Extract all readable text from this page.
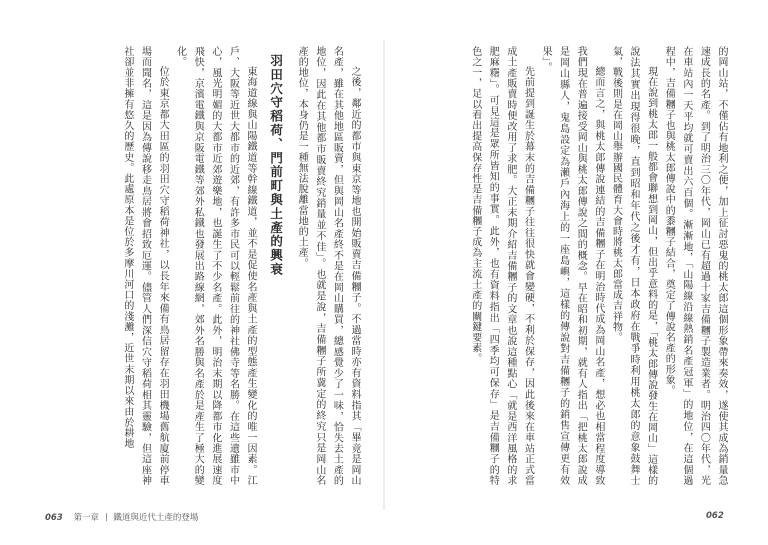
的岡山站，不僅佔有地利之便，加上征討惡鬼的桃太郎這個形象帶來奏效，遂使其成為銷量急速成長的名產。到了明治三〇年代，岡山已有超過十家吉備糰子製造業者。明治四〇年代，光在車站內一天平均就可賣出六百個。漸漸地，「山陽線沿線熱銷名產冠軍」的地位，在這個過程中，吉備糰子也與桃太郎傳說中的黍糰子結合，奠定了傳說名產的形象。

現在說到桃太郎一般都會聯想到岡山，但出乎意料的是，「桃太郎傳說發生在岡山」這樣的說法其實出現得很晚，直到昭和年代之後才有，日本政府在戰爭時利用桃太郎的意象鼓舞士氣，戰後則是在岡山舉辦國民體育大會時將桃太郎當成吉祥物。

總而言之，與桃太郎傳說連結的吉備糰子在明治時代成為岡山名產，想必也相當程度導致我們現在普遍接受岡山與桃太郎傳說之間的概念。早在昭和初期，就有人指出「把桃太郎說成是岡山縣人，鬼島設定為瀨戶內海上的一座島嶼，這樣的傳說對吉備糰子的銷售宣傳更有效果」。

先前提到誕生於幕末的吉備糰子往往很快就會變硬，不利於保存，因此後來在車站正式當成土產販賣時便改用了求肥。大正末期介紹吉備糰子的文章也說這種點心「就是西洋風格的求肥麻糬」。可見這是眾所皆知的事實。此外，也有資料指出「四季均可保存」是吉備糰子的特色之一，足以看出提高保存性是吉備糰子成為主流土產的關鍵要素。

之後，鄰近的都市與東京等地也開始販賣吉備糰子。不過當時亦有資料指其「畢竟是岡山名產，雖在其他地區販賣，但與岡山名產終不是在岡山購買，總感覺少了一味，恰失去土產的地位，因此在其他都市販賣終究銷量並不佳」。也就是說，吉備糰子所冀定的終究只是岡山名產的地位，本身仍是一種無法脫離當地的土產。

羽田穴守稻荷、門前町與土產的興衰

東海道線與山陽鐵道等幹線鐵道，並不是促使名產與土產的型態產生變化的唯一因素。江戶、大阪等近世大都市的近郊，有許多市民可以輕鬆前往的神社佛寺等名勝。在這些遺雖市中心，風光明媚的大都市近郊遊樂地，也誕生了不少名產。此外，明治末期以降都市化進展速度飛快，京濱電鐵與京阪電鐵等郊外私鐵也發展出路線網，郊外名勝與名產於是產生了極大的變化。

位於東京都大田區的羽田穴守稻荷神社，以長年來備有鳥居留存在羽田機場舊航廈前停車場而聞名，這是因為傳說移走鳥居將會招致厄運。儘管人們深信穴守稻荷相其靈驗，但這座神社卻並非擁有悠久的歷史。此處原本是位於多摩川河口的淺灘，近世末期以來由於耕地

063 第一章 鐵道與近代土產的登場	062
